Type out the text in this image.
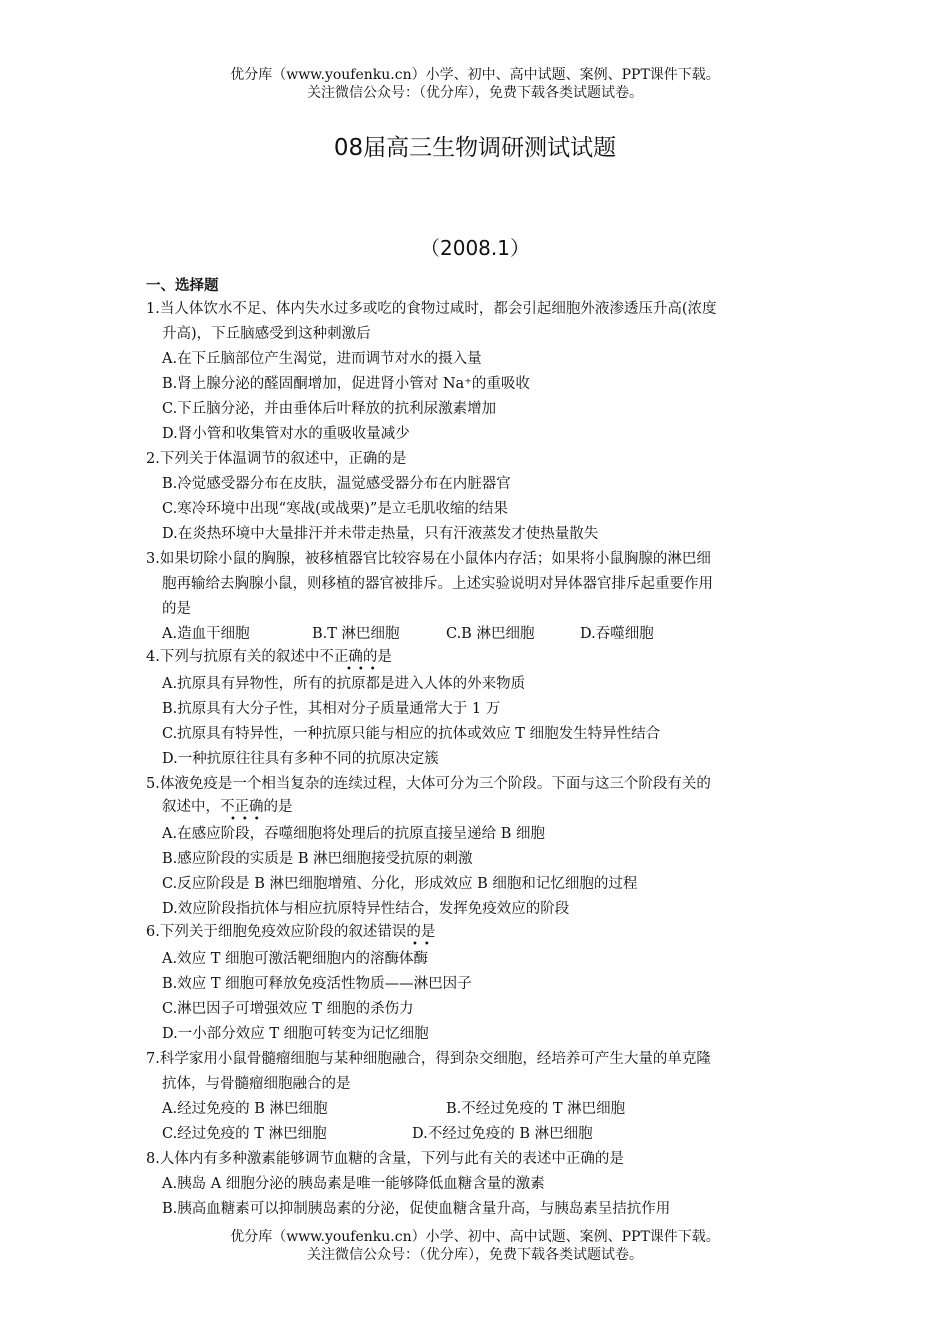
优分库（www.youfenku.cn）小学、初中、高中试题、案例、PPT课件下载。
关注微信公众号：（优分库），免费下载各类试题试卷。
08届高三生物调研测试试题
（2008.1）
一、选择题
1.当人体饮水不足、体内失水过多或吃的食物过咸时，都会引起细胞外液渗透压升高(浓度
升高)，下丘脑感受到这种刺激后
A.在下丘脑部位产生渴觉，进而调节对水的摄入量
B.肾上腺分泌的醛固酮增加，促进肾小管对 Na⁺的重吸收
C.下丘脑分泌，并由垂体后叶释放的抗利尿激素增加
D.肾小管和收集管对水的重吸收量减少
2.下列关于体温调节的叙述中，正确的是
B.冷觉感受器分布在皮肤，温觉感受器分布在内脏器官
C.寒冷环境中出现“寒战(或战栗)”是立毛肌收缩的结果
D.在炎热环境中大量排汗并未带走热量，只有汗液蒸发才使热量散失
3.如果切除小鼠的胸腺，被移植器官比较容易在小鼠体内存活；如果将小鼠胸腺的淋巴细
胞再输给去胸腺小鼠，则移植的器官被排斥。上述实验说明对异体器官排斥起重要作用
的是
A.造血干细胞	B.T 淋巴细胞	C.B 淋巴细胞	D.吞噬细胞
4.下列与抗原有关的叙述中不正确的是
•••
A.抗原具有异物性，所有的抗原都是进入人体的外来物质
B.抗原具有大分子性，其相对分子质量通常大于 1 万
C.抗原具有特异性，一种抗原只能与相应的抗体或效应 T 细胞发生特异性结合
D.一种抗原往往具有多种不同的抗原决定簇
5.体液免疫是一个相当复杂的连续过程，大体可分为三个阶段。下面与这三个阶段有关的
叙述中，不正确的是
•••
A.在感应阶段，吞噬细胞将处理后的抗原直接呈递给 B 细胞
B.感应阶段的实质是 B 淋巴细胞接受抗原的刺激
C.反应阶段是 B 淋巴细胞增殖、分化，形成效应 B 细胞和记忆细胞的过程
D.效应阶段指抗体与相应抗原特异性结合，发挥免疫效应的阶段
6.下列关于细胞免疫效应阶段的叙述错误的是
••
A.效应 T 细胞可激活靶细胞内的溶酶体酶
B.效应 T 细胞可释放免疫活性物质——淋巴因子
C.淋巴因子可增强效应 T 细胞的杀伤力
D.一小部分效应 T 细胞可转变为记忆细胞
7.科学家用小鼠骨髓瘤细胞与某种细胞融合，得到杂交细胞，经培养可产生大量的单克隆
抗体，与骨髓瘤细胞融合的是
A.经过免疫的 B 淋巴细胞	B.不经过免疫的 T 淋巴细胞
C.经过免疫的 T 淋巴细胞	D.不经过免疫的 B 淋巴细胞
8.人体内有多种激素能够调节血糖的含量，下列与此有关的表述中正确的是
A.胰岛 A 细胞分泌的胰岛素是唯一能够降低血糖含量的激素
B.胰高血糖素可以抑制胰岛素的分泌，促使血糖含量升高，与胰岛素呈拮抗作用
优分库（www.youfenku.cn）小学、初中、高中试题、案例、PPT课件下载。
关注微信公众号：（优分库），免费下载各类试题试卷。
